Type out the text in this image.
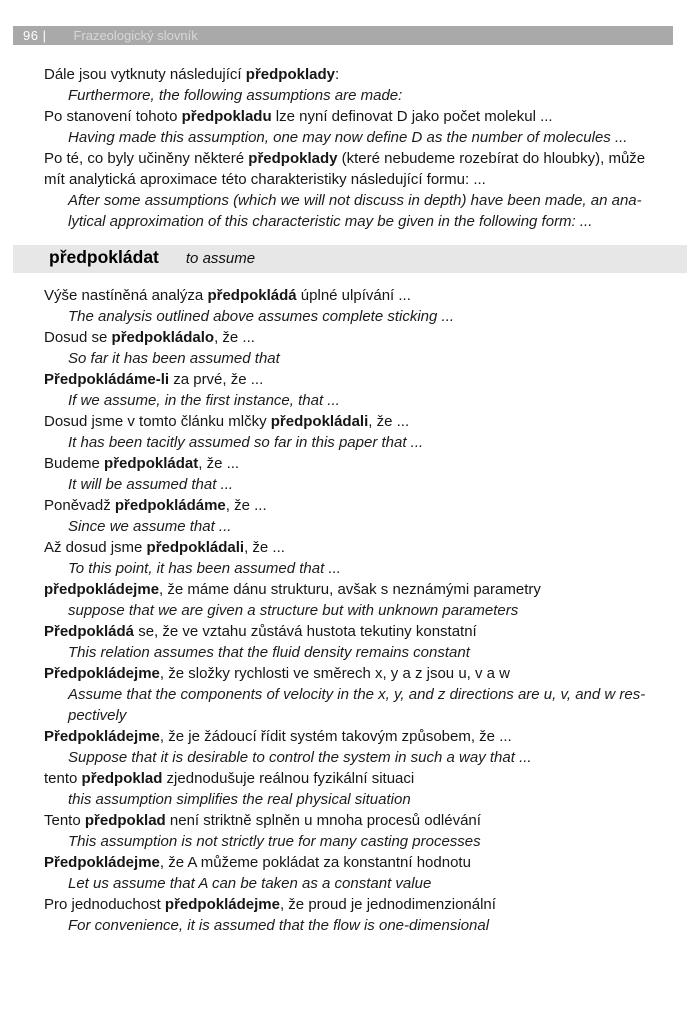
96 | Frazeologický slovník
Dále jsou vytknuty následující předpoklady:
Furthermore, the following assumptions are made:
Po stanovení tohoto předpokladu lze nyní definovat D jako počet molekul ...
Having made this assumption, one may now define D as the number of molecules ...
Po té, co byly učiněny některé předpoklady (které nebudeme rozebírat do hloubky), může
mít analytická aproximace této charakteristiky následující formu: ...
After some assumptions (which we will not discuss in depth) have been made, an ana-
lytical approximation of this characteristic may be given in the following form: ...
předpokládat to assume
Výše nastíněná analýza předpokládá úplné ulpívání ...
The analysis outlined above assumes complete sticking ...
Dosud se předpokládalo, že ...
So far it has been assumed that
Předpokládáme-li za prvé, že ...
If we assume, in the first instance, that ...
Dosud jsme v tomto článku mlčky předpokládali, že ...
It has been tacitly assumed so far in this paper that ...
Budeme předpokládat, že ...
It will be assumed that ...
Poněvadž předpokládáme, že ...
Since we assume that ...
Až dosud jsme předpokládali, že ...
To this point, it has been assumed that ...
předpokládejme, že máme dánu strukturu, avšak s neznámými parametry
suppose that we are given a structure but with unknown parameters
Předpokládá se, že ve vztahu zůstává hustota tekutiny konstatní
This relation assumes that the fluid density remains constant
Předpokládejme, že složky rychlosti ve směrech x, y a z jsou u, v a w
Assume that the components of velocity in the x, y, and z directions are u, v, and w res-
pectively
Předpokládejme, že je žádoucí řídit systém takovým způsobem, že ...
Suppose that it is desirable to control the system in such a way that ...
tento předpoklad zjednodušuje reálnou fyzikální situaci
this assumption simplifies the real physical situation
Tento předpoklad není striktně splněn u mnoha procesů odlévání
This assumption is not strictly true for many casting processes
Předpokládejme, že A můžeme pokládat za konstantní hodnotu
Let us assume that A can be taken as a constant value
Pro jednoduchost předpokládejme, že proud je jednodimenzionální
For convenience, it is assumed that the flow is one-dimensional
